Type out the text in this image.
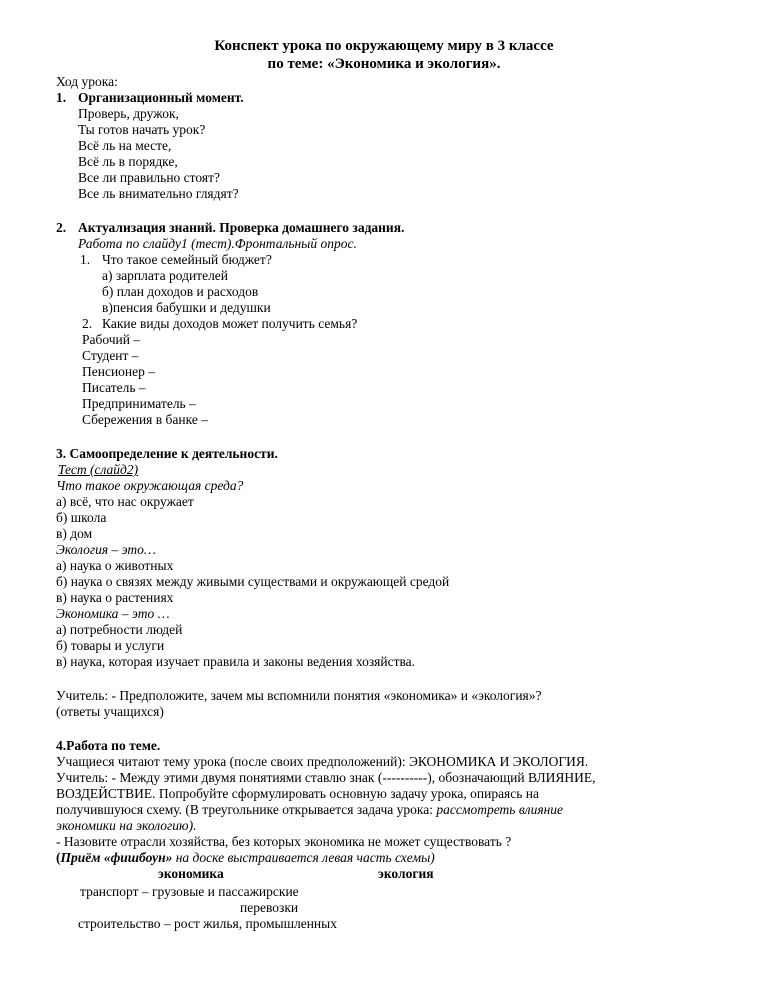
Конспект урока по окружающему миру в 3 классе
по теме: «Экономика и экология».
Ход урока:
1. Организационный момент.
Проверь, дружок,
Ты готов начать урок?
Всё ль на месте,
Всё ль в порядке,
Все ли правильно стоят?
Все ль внимательно глядят?
2. Актуализация знаний. Проверка домашнего задания.
Работа по слайду1 (тест).Фронтальный опрос.
1. Что такое семейный бюджет?
а) зарплата родителей
б) план доходов и расходов
в)пенсия бабушки и дедушки
2. Какие виды доходов может получить семья?
Рабочий –
Студент –
Пенсионер –
Писатель –
Предприниматель –
Сбережения в банке –
3. Самоопределение к деятельности.
Тест (слайд2)
Что такое окружающая среда?
а) всё, что нас окружает
б) школа
в) дом
Экология – это…
а) наука о животных
б) наука о связях между живыми существами и окружающей средой
в) наука о растениях
Экономика – это …
а) потребности людей
б) товары и услуги
в) наука, которая изучает правила и законы ведения хозяйства.
Учитель: - Предположите, зачем мы вспомнили понятия «экономика» и «экология»?
(ответы учащихся)
4.Работа по теме.
Учащиеся читают тему урока (после своих предположений): ЭКОНОМИКА И ЭКОЛОГИЯ.
Учитель: - Между этими двумя понятиями ставлю знак (----------), обозначающий ВЛИЯНИЕ,
ВОЗДЕЙСТВИЕ. Попробуйте сформулировать основную задачу урока, опираясь на
получившуюся схему. (В треугольнике открывается задача урока: рассмотреть влияние
экономики на экологию).
- Назовите отрасли хозяйства, без которых экономика не может существовать ?
(Приём «фишбоун» на доске выстраивается левая часть схемы)
экономика	экология
транспорт – грузовые и пассажирские
перевозки
строительство – рост жилья, промышленных
